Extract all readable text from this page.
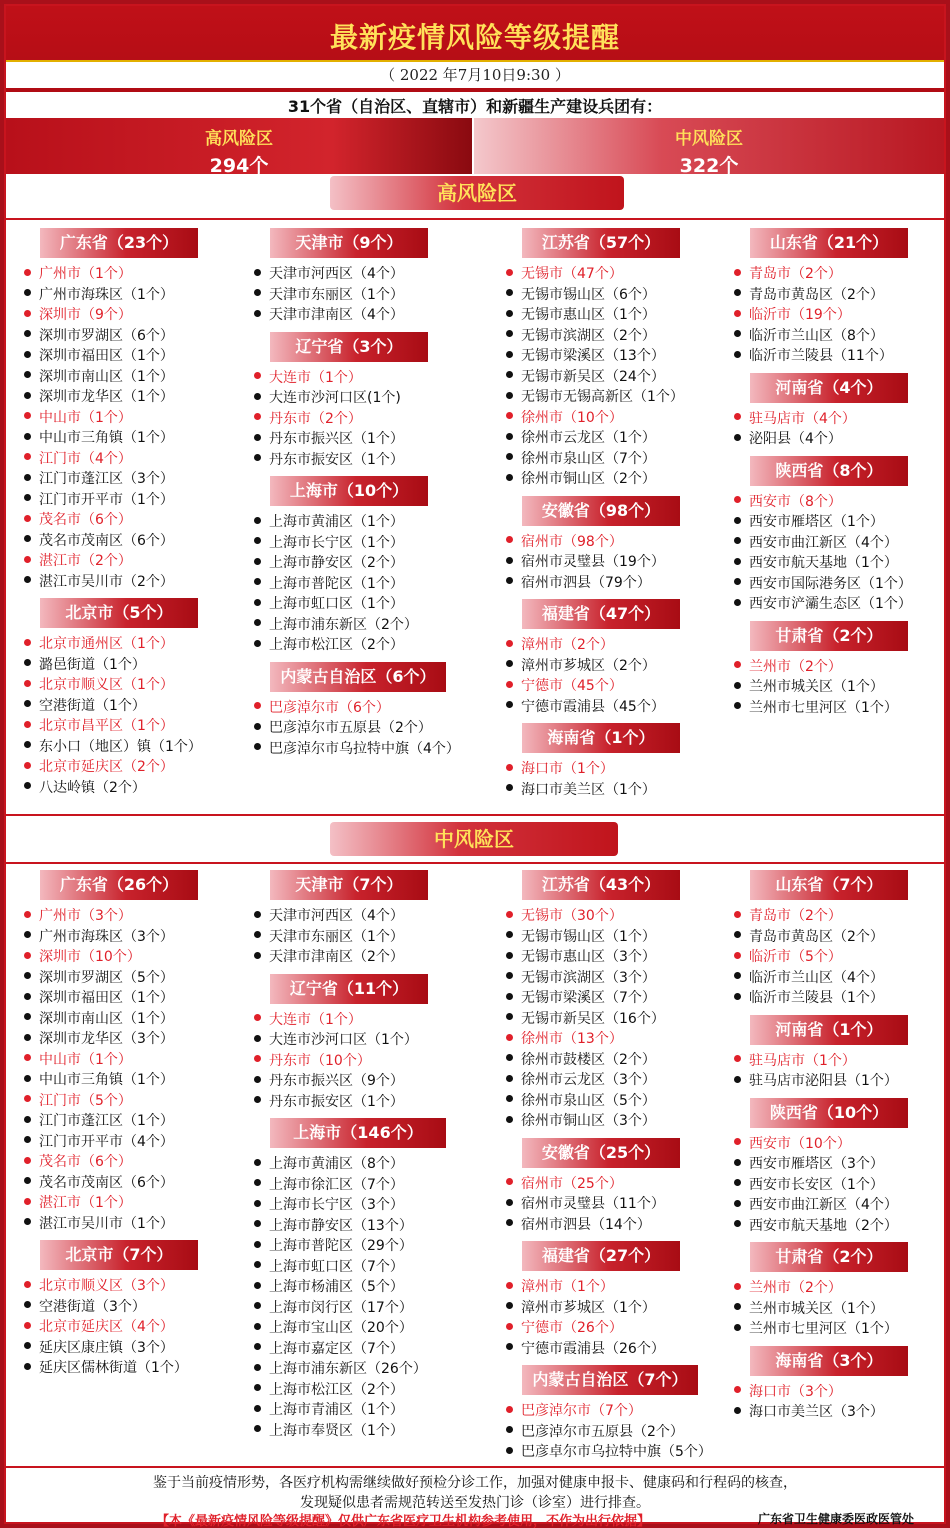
最新疫情风险等级提醒
（ 2022 年7月10日9:30 ）
31个省（自治区、直辖市）和新疆生产建设兵团有：
高风险区
294个
中风险区
322个
高风险区
中风险区
鉴于当前疫情形势，各医疗机构需继续做好预检分诊工作，加强对健康申报卡、健康码和行程码的核查，
发现疑似患者需规范转送至发热门诊（诊室）进行排查。
【本《最新疫情风险等级提醒》仅供广东省医疗卫生机构参考使用，不作为出行依据】	广东省卫生健康委医政医管处
广东省（23个）
广州市（1个）
广州市海珠区（1个）
深圳市（9个）
深圳市罗湖区（6个）
深圳市福田区（1个）
深圳市南山区（1个）
深圳市龙华区（1个）
中山市（1个）
中山市三角镇（1个）
江门市（4个）
江门市蓬江区（3个）
江门市开平市（1个）
茂名市（6个）
茂名市茂南区（6个）
湛江市（2个）
湛江市吴川市（2个）
北京市（5个）
北京市通州区（1个）
潞邑街道（1个）
北京市顺义区（1个）
空港街道（1个）
北京市昌平区（1个）
东小口（地区）镇（1个）
北京市延庆区（2个）
八达岭镇（2个）
天津市（9个）
天津市河西区（4个）
天津市东丽区（1个）
天津市津南区（4个）
辽宁省（3个）
大连市（1个）
大连市沙河口区(1个)
丹东市（2个）
丹东市振兴区（1个）
丹东市振安区（1个）
上海市（10个）
上海市黄浦区（1个）
上海市长宁区（1个）
上海市静安区（2个）
上海市普陀区（1个）
上海市虹口区（1个）
上海市浦东新区（2个）
上海市松江区（2个）
内蒙古自治区（6个）
巴彦淖尔市（6个）
巴彦淖尔市五原县（2个）
巴彦淖尔市乌拉特中旗（4个）
江苏省（57个）
无锡市（47个）
无锡市锡山区（6个）
无锡市惠山区（1个）
无锡市滨湖区（2个）
无锡市梁溪区（13个）
无锡市新吴区（24个）
无锡市无锡高新区（1个）
徐州市（10个）
徐州市云龙区（1个）
徐州市泉山区（7个）
徐州市铜山区（2个）
安徽省（98个）
宿州市（98个）
宿州市灵璧县（19个）
宿州市泗县（79个）
福建省（47个）
漳州市（2个）
漳州市芗城区（2个）
宁德市（45个）
宁德市霞浦县（45个）
海南省（1个）
海口市（1个）
海口市美兰区（1个）
山东省（21个）
青岛市（2个）
青岛市黄岛区（2个）
临沂市（19个）
临沂市兰山区（8个）
临沂市兰陵县（11个）
河南省（4个）
驻马店市（4个）
泌阳县（4个）
陕西省（8个）
西安市（8个）
西安市雁塔区（1个）
西安市曲江新区（4个）
西安市航天基地（1个）
西安市国际港务区（1个）
西安市浐灞生态区（1个）
甘肃省（2个）
兰州市（2个）
兰州市城关区（1个）
兰州市七里河区（1个）
广东省（26个）
广州市（3个）
广州市海珠区（3个）
深圳市（10个）
深圳市罗湖区（5个）
深圳市福田区（1个）
深圳市南山区（1个）
深圳市龙华区（3个）
中山市（1个）
中山市三角镇（1个）
江门市（5个）
江门市蓬江区（1个）
江门市开平市（4个）
茂名市（6个）
茂名市茂南区（6个）
湛江市（1个）
湛江市吴川市（1个）
北京市（7个）
北京市顺义区（3个）
空港街道（3个）
北京市延庆区（4个）
延庆区康庄镇（3个）
延庆区儒林街道（1个）
天津市（7个）
天津市河西区（4个）
天津市东丽区（1个）
天津市津南区（2个）
辽宁省（11个）
大连市（1个）
大连市沙河口区（1个）
丹东市（10个）
丹东市振兴区（9个）
丹东市振安区（1个）
上海市（146个）
上海市黄浦区（8个）
上海市徐汇区（7个）
上海市长宁区（3个）
上海市静安区（13个）
上海市普陀区（29个）
上海市虹口区（7个）
上海市杨浦区（5个）
上海市闵行区（17个）
上海市宝山区（20个）
上海市嘉定区（7个）
上海市浦东新区（26个）
上海市松江区（2个）
上海市青浦区（1个）
上海市奉贤区（1个）
江苏省（43个）
无锡市（30个）
无锡市锡山区（1个）
无锡市惠山区（3个）
无锡市滨湖区（3个）
无锡市梁溪区（7个）
无锡市新吴区（16个）
徐州市（13个）
徐州市鼓楼区（2个）
徐州市云龙区（3个）
徐州市泉山区（5个）
徐州市铜山区（3个）
安徽省（25个）
宿州市（25个）
宿州市灵璧县（11个）
宿州市泗县（14个）
福建省（27个）
漳州市（1个）
漳州市芗城区（1个）
宁德市（26个）
宁德市霞浦县（26个）
内蒙古自治区（7个）
巴彦淖尔市（7个）
巴彦淖尔市五原县（2个）
巴彦卓尔市乌拉特中旗（5个）
山东省（7个）
青岛市（2个）
青岛市黄岛区（2个）
临沂市（5个）
临沂市兰山区（4个）
临沂市兰陵县（1个）
河南省（1个）
驻马店市（1个）
驻马店市泌阳县（1个）
陕西省（10个）
西安市（10个）
西安市雁塔区（3个）
西安市长安区（1个）
西安市曲江新区（4个）
西安市航天基地（2个）
甘肃省（2个）
兰州市（2个）
兰州市城关区（1个）
兰州市七里河区（1个）
海南省（3个）
海口市（3个）
海口市美兰区（3个）
